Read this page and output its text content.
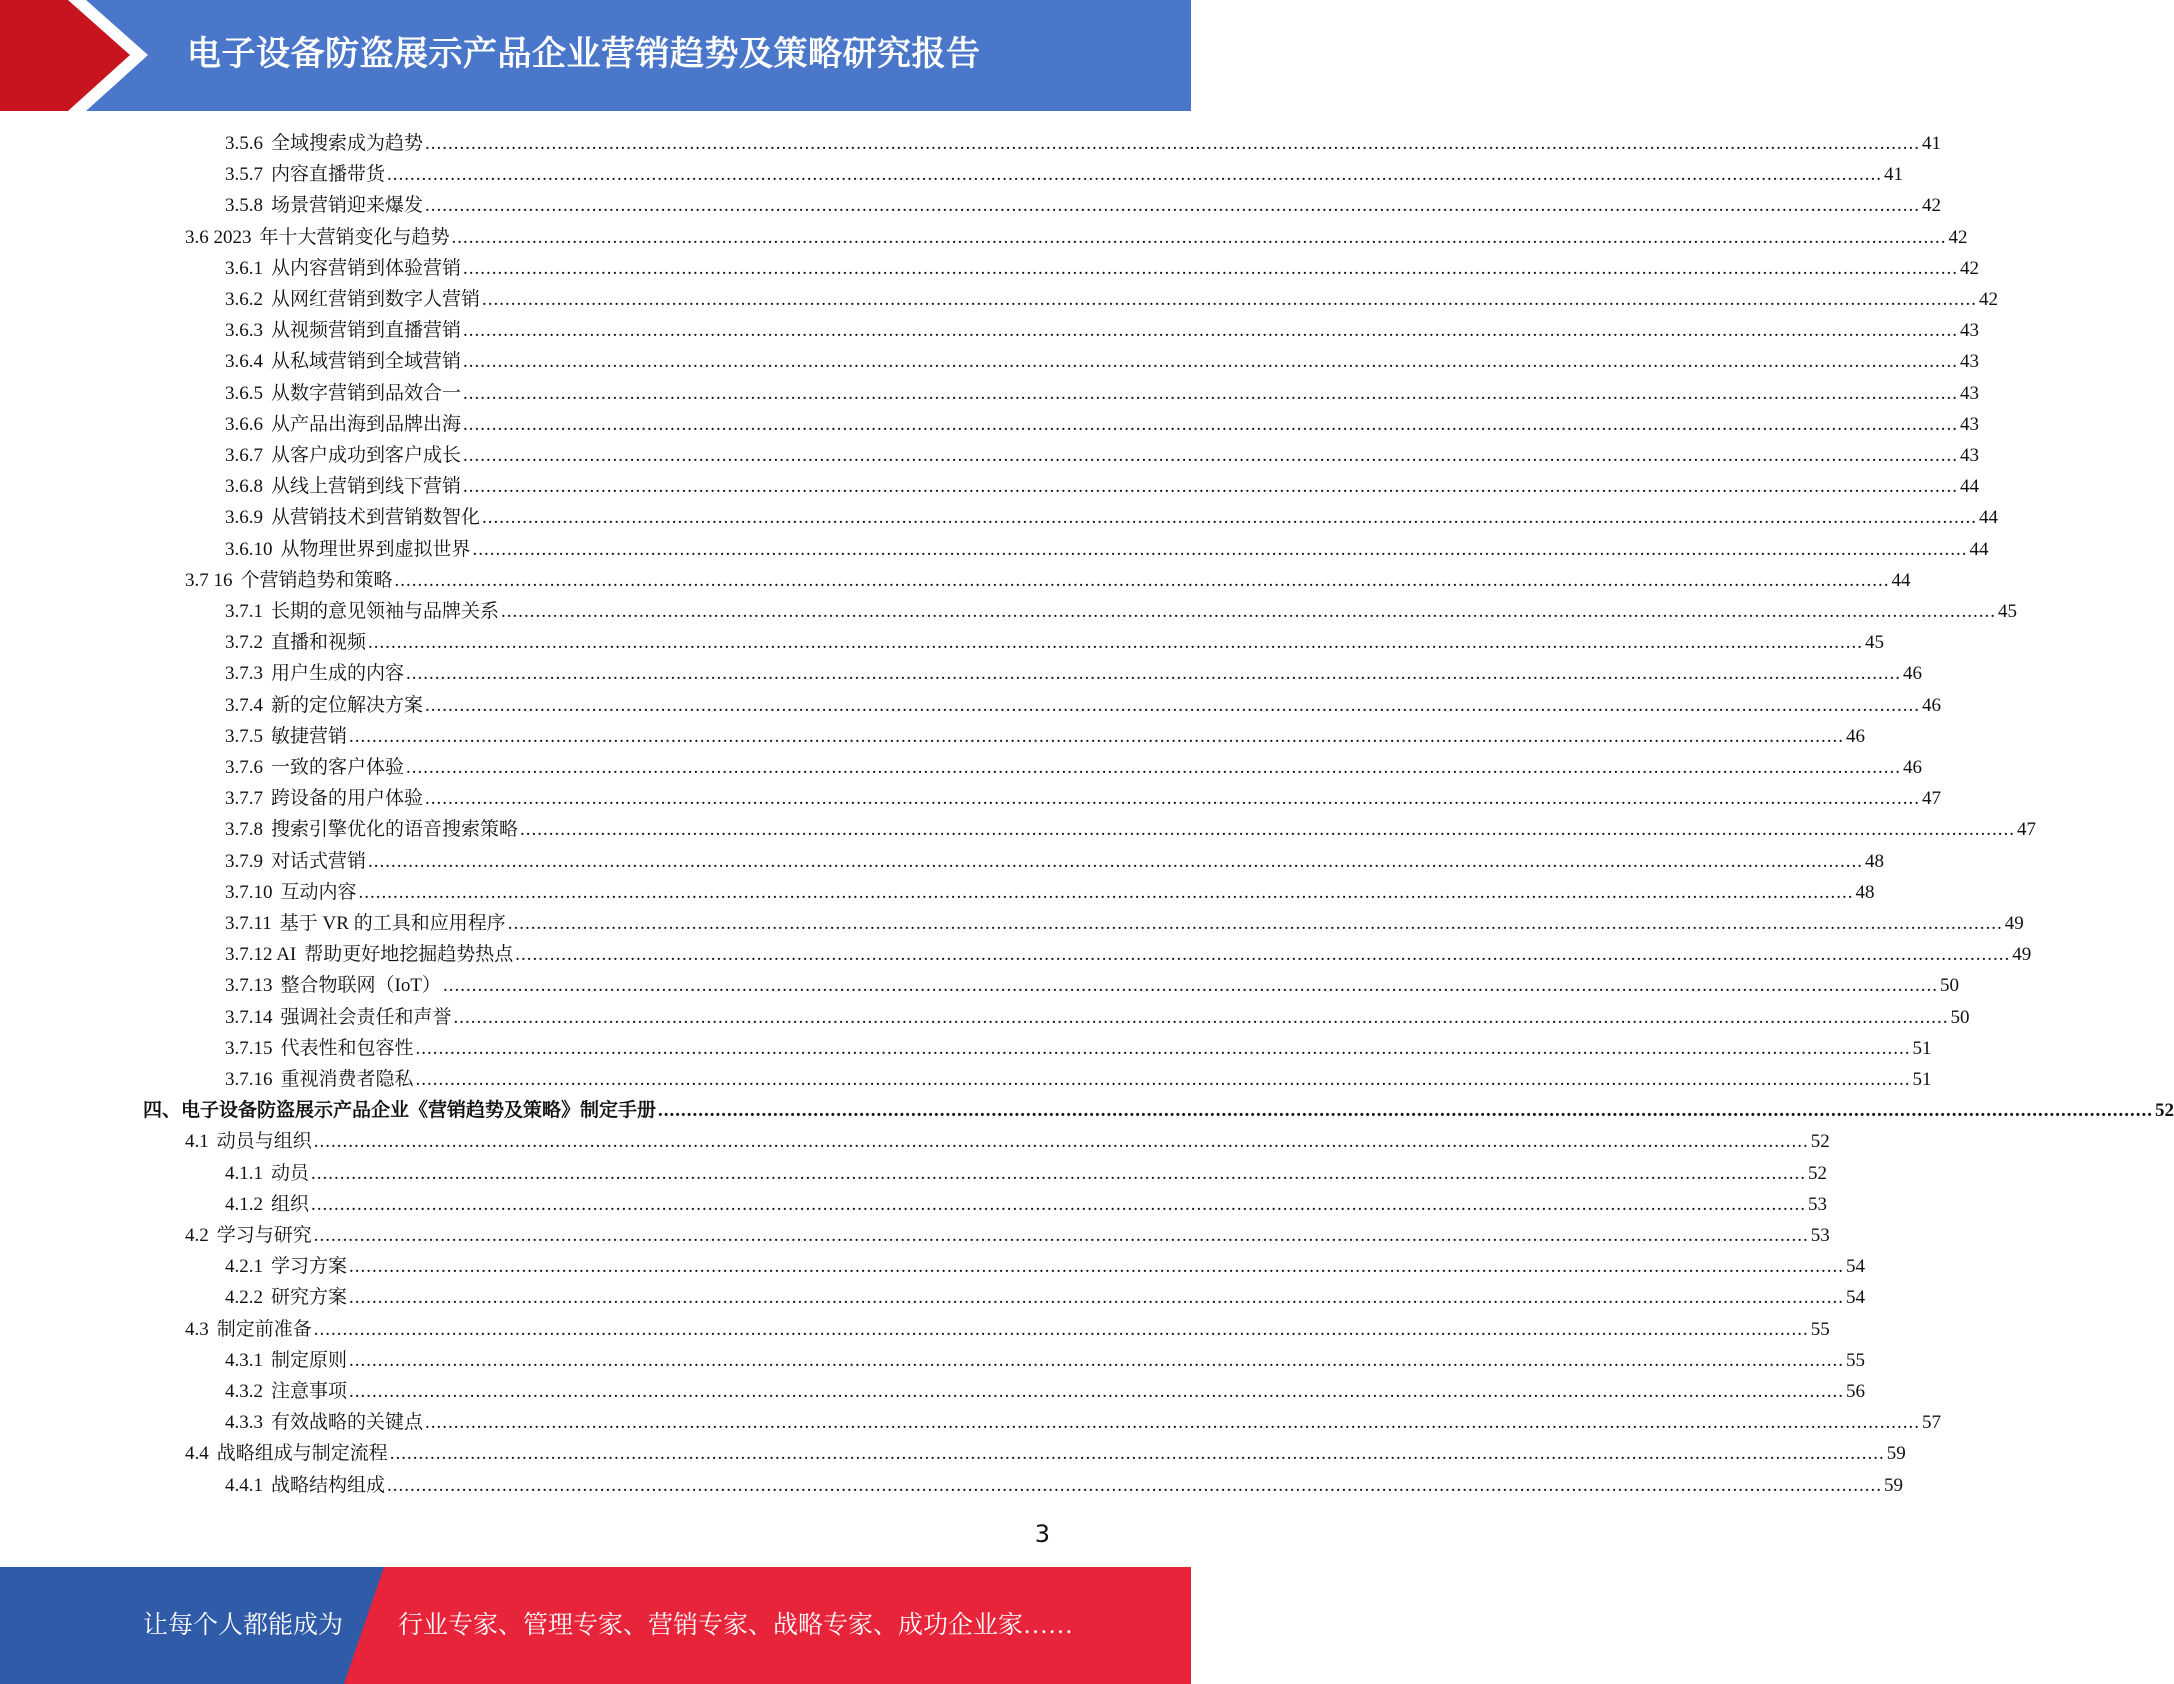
电子设备防盗展示产品企业营销趋势及策略研究报告
3.5.6 全域搜索成为趋势 .................................................................................................................................................................................................................................................................... 41
3.5.7 内容直播带货 .................................................................................................................................................................................................................................................................... 41
3.5.8 场景营销迎来爆发 .................................................................................................................................................................................................................................................................... 42
3.6 2023 年十大营销变化与趋势 .................................................................................................................................................................................................................................................................... 42
3.6.1 从内容营销到体验营销 .................................................................................................................................................................................................................................................................... 42
3.6.2 从网红营销到数字人营销 .................................................................................................................................................................................................................................................................... 42
3.6.3 从视频营销到直播营销 .................................................................................................................................................................................................................................................................... 43
3.6.4 从私域营销到全域营销 .................................................................................................................................................................................................................................................................... 43
3.6.5 从数字营销到品效合一 .................................................................................................................................................................................................................................................................... 43
3.6.6 从产品出海到品牌出海 .................................................................................................................................................................................................................................................................... 43
3.6.7 从客户成功到客户成长 .................................................................................................................................................................................................................................................................... 43
3.6.8 从线上营销到线下营销 .................................................................................................................................................................................................................................................................... 44
3.6.9 从营销技术到营销数智化 .................................................................................................................................................................................................................................................................... 44
3.6.10 从物理世界到虚拟世界 .................................................................................................................................................................................................................................................................... 44
3.7 16 个营销趋势和策略 .................................................................................................................................................................................................................................................................... 44
3.7.1 长期的意见领袖与品牌关系 .................................................................................................................................................................................................................................................................... 45
3.7.2 直播和视频 .................................................................................................................................................................................................................................................................... 45
3.7.3 用户生成的内容 .................................................................................................................................................................................................................................................................... 46
3.7.4 新的定位解决方案 .................................................................................................................................................................................................................................................................... 46
3.7.5 敏捷营销 .................................................................................................................................................................................................................................................................... 46
3.7.6 一致的客户体验 .................................................................................................................................................................................................................................................................... 46
3.7.7 跨设备的用户体验 .................................................................................................................................................................................................................................................................... 47
3.7.8 搜索引擎优化的语音搜索策略 .................................................................................................................................................................................................................................................................... 47
3.7.9 对话式营销 .................................................................................................................................................................................................................................................................... 48
3.7.10 互动内容 .................................................................................................................................................................................................................................................................... 48
3.7.11 基于 VR 的工具和应用程序 .................................................................................................................................................................................................................................................................... 49
3.7.12 AI 帮助更好地挖掘趋势热点 .................................................................................................................................................................................................................................................................... 49
3.7.13 整合物联网（IoT） .................................................................................................................................................................................................................................................................... 50
3.7.14 强调社会责任和声誉 .................................................................................................................................................................................................................................................................... 50
3.7.15 代表性和包容性 .................................................................................................................................................................................................................................................................... 51
3.7.16 重视消费者隐私 .................................................................................................................................................................................................................................................................... 51
四、 电子设备防盗展示产品企业《营销趋势及策略》制定手册 .................................................................................................................................................................................................................................................................... 52
4.1 动员与组织 .................................................................................................................................................................................................................................................................... 52
4.1.1 动员 .................................................................................................................................................................................................................................................................... 52
4.1.2 组织 .................................................................................................................................................................................................................................................................... 53
4.2 学习与研究 .................................................................................................................................................................................................................................................................... 53
4.2.1 学习方案 .................................................................................................................................................................................................................................................................... 54
4.2.2 研究方案 .................................................................................................................................................................................................................................................................... 54
4.3 制定前准备 .................................................................................................................................................................................................................................................................... 55
4.3.1 制定原则 .................................................................................................................................................................................................................................................................... 55
4.3.2 注意事项 .................................................................................................................................................................................................................................................................... 56
4.3.3 有效战略的关键点 .................................................................................................................................................................................................................................................................... 57
4.4 战略组成与制定流程 .................................................................................................................................................................................................................................................................... 59
4.4.1 战略结构组成 .................................................................................................................................................................................................................................................................... 59
3
让每个人都能成为 行业专家、管理专家、营销专家、战略专家、成功企业家……
